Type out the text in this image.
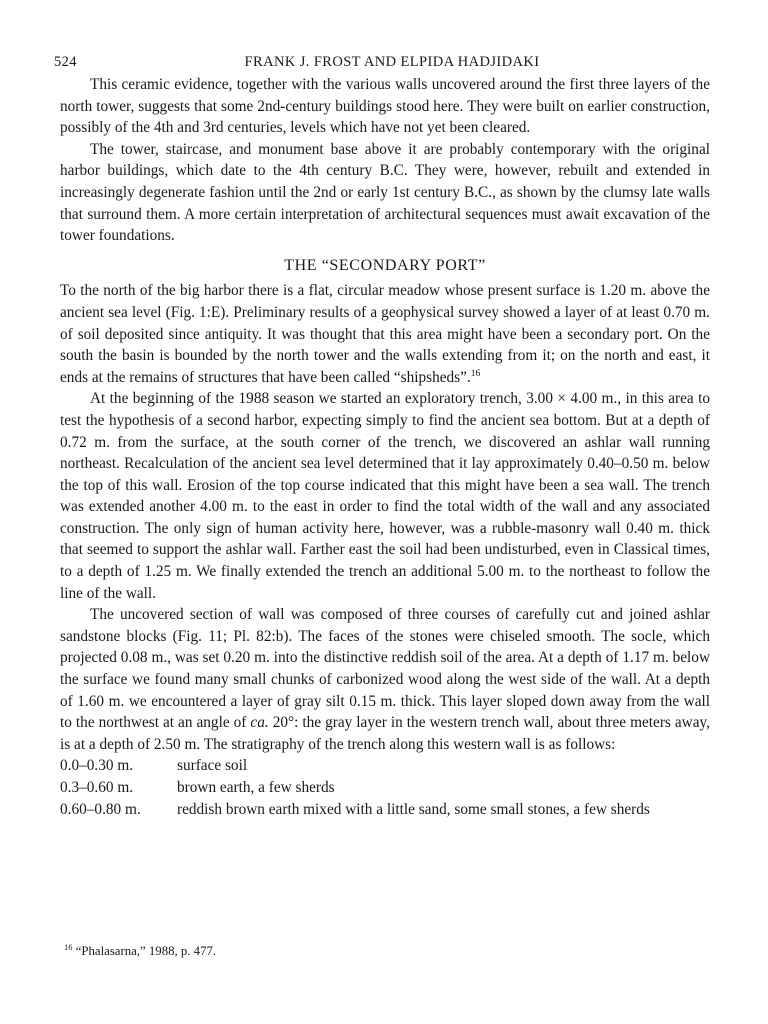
524	FRANK J. FROST AND ELPIDA HADJIDAKI

This ceramic evidence, together with the various walls uncovered around the first three layers of the north tower, suggests that some 2nd-century buildings stood here. They were built on earlier construction, possibly of the 4th and 3rd centuries, levels which have not yet been cleared.

The tower, staircase, and monument base above it are probably contemporary with the original harbor buildings, which date to the 4th century B.C. They were, however, rebuilt and extended in increasingly degenerate fashion until the 2nd or early 1st century B.C., as shown by the clumsy late walls that surround them. A more certain interpretation of architectural sequences must await excavation of the tower foundations.

THE “SECONDARY PORT”

To the north of the big harbor there is a flat, circular meadow whose present surface is 1.20 m. above the ancient sea level (Fig. 1:E). Preliminary results of a geophysical survey showed a layer of at least 0.70 m. of soil deposited since antiquity. It was thought that this area might have been a secondary port. On the south the basin is bounded by the north tower and the walls extending from it; on the north and east, it ends at the remains of structures that have been called “shipsheds”.$^{16}$

At the beginning of the 1988 season we started an exploratory trench, 3.00 × 4.00 m., in this area to test the hypothesis of a second harbor, expecting simply to find the ancient sea bottom. But at a depth of 0.72 m. from the surface, at the south corner of the trench, we discovered an ashlar wall running northeast. Recalculation of the ancient sea level determined that it lay approximately 0.40–0.50 m. below the top of this wall. Erosion of the top course indicated that this might have been a sea wall. The trench was extended another 4.00 m. to the east in order to find the total width of the wall and any associated construction. The only sign of human activity here, however, was a rubble-masonry wall 0.40 m. thick that seemed to support the ashlar wall. Farther east the soil had been undisturbed, even in Classical times, to a depth of 1.25 m. We finally extended the trench an additional 5.00 m. to the northeast to follow the line of the wall.

The uncovered section of wall was composed of three courses of carefully cut and joined ashlar sandstone blocks (Fig. 11; Pl. 82:b). The faces of the stones were chiseled smooth. The socle, which projected 0.08 m., was set 0.20 m. into the distinctive reddish soil of the area. At a depth of 1.17 m. below the surface we found many small chunks of carbonized wood along the west side of the wall. At a depth of 1.60 m. we encountered a layer of gray silt 0.15 m. thick. This layer sloped down away from the wall to the northwest at an angle of ca. 20°: the gray layer in the western trench wall, about three meters away, is at a depth of 2.50 m. The stratigraphy of the trench along this western wall is as follows:

0.0–0.30 m.	surface soil
0.3–0.60 m.	brown earth, a few sherds
0.60–0.80 m.	reddish brown earth mixed with a little sand, some small stones, a few sherds
$^{16}$ “Phalasarna,” 1988, p. 477.
